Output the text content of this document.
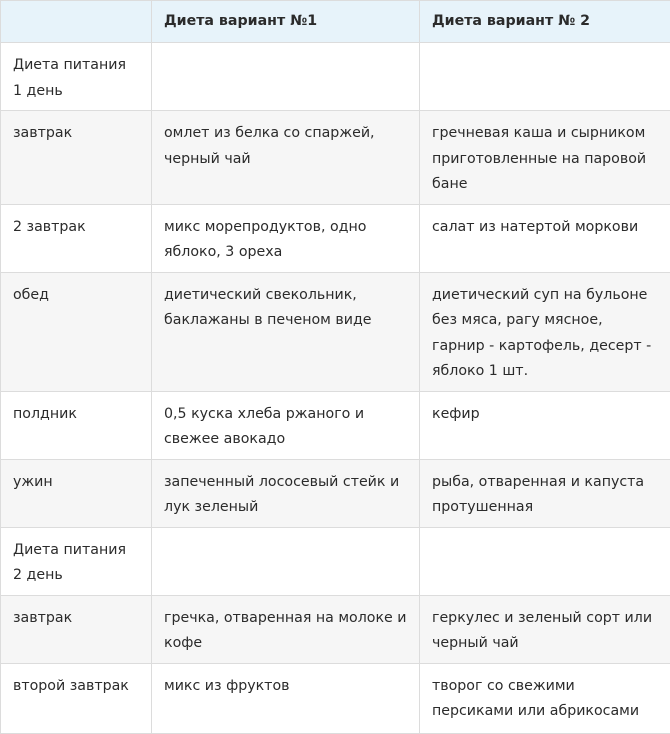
	Диета вариант №1	Диета вариант № 2
Диета питания 1 день		
завтрак	омлет из белка со спаржей, черный чай	гречневая каша и сырником приготовленные на паровой бане
2 завтрак	микс морепродуктов, одно яблоко, 3 ореха	салат из натертой моркови
обед	диетический свекольник, баклажаны в печеном виде	диетический суп на бульоне без мяса, рагу мясное, гарнир - картофель, десерт - яблоко 1 шт.
полдник	0,5 куска хлеба ржаного и свежее авокадо	кефир
ужин	запеченный лососевый стейк и лук зеленый	рыба, отваренная и капуста протушенная
Диета питания 2 день		
завтрак	гречка, отваренная на молоке и кофе	геркулес и зеленый сорт или черный чай
второй завтрак	микс из фруктов	творог со свежими персиками или абрикосами
